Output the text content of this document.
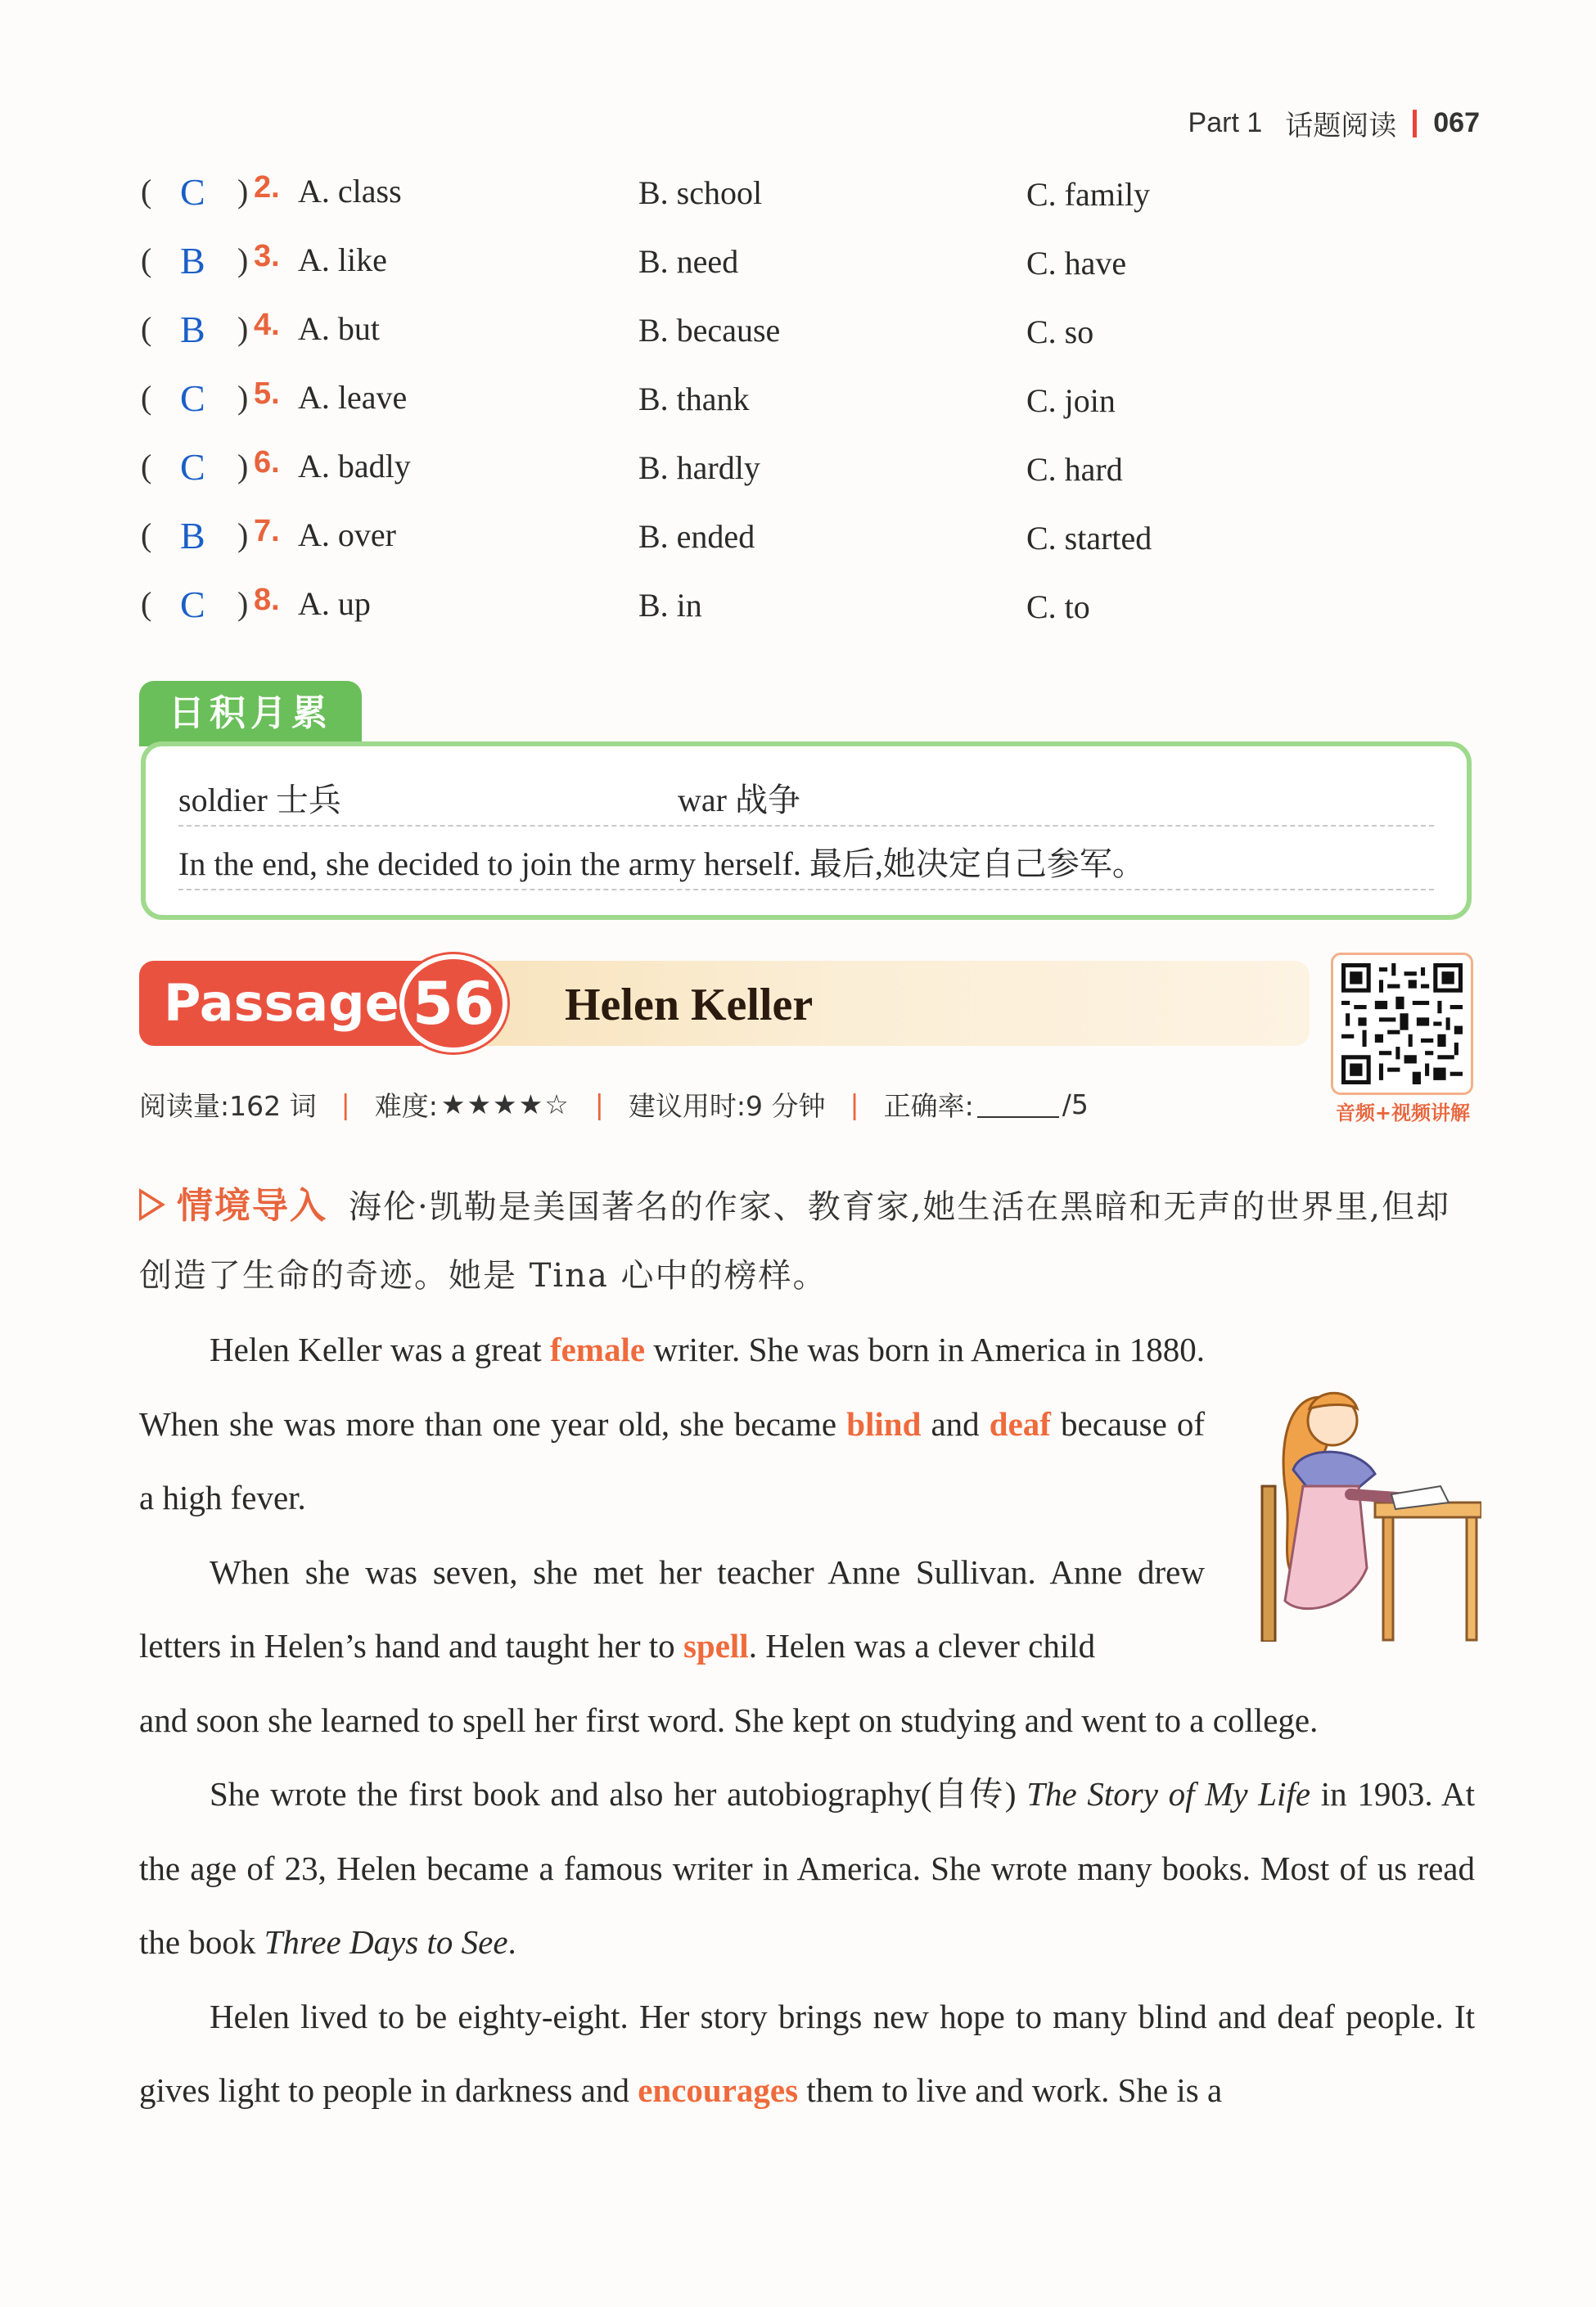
Part 1 话题阅读 067
( C ) 2. A. class	B. school	C. family
( B ) 3. A. like	B. need	C. have
( B ) 4. A. but	B. because	C. so
( C ) 5. A. leave	B. thank	C. join
( C ) 6. A. badly	B. hardly	C. hard
( B ) 7. A. over	B. ended	C. started
( C ) 8. A. up	B. in	C. to
日积月累
soldier 士兵	war 战争
In the end, she decided to join the army herself. 最后,她决定自己参军。
Passage 56 Helen Keller
音频+视频讲解
阅读量:162 词 | 难度: ★★★★☆ | 建议用时:9 分钟 | 正确率:	/5
情境导入 海伦·凯勒是美国著名的作家、教育家,她生活在黑暗和无声的世界里,但却创造了生命的奇迹。她是 Tina 心中的榜样。

Helen Keller was a great female writer. She was born in America in 1880. When she was more than one year old, she became blind and deaf because of a high fever.

When she was seven, she met her teacher Anne Sullivan. Anne drew letters in Helen’s hand and taught her to spell. Helen was a clever child

and soon she learned to spell her first word. She kept on studying and went to a college.

She wrote the first book and also her autobiography(自传) The Story of My Life in 1903. At the age of 23, Helen became a famous writer in America. She wrote many books. Most of us read the book Three Days to See.

Helen lived to be eighty-eight. Her story brings new hope to many blind and deaf people. It gives light to people in darkness and encourages them to live and work. She is a
